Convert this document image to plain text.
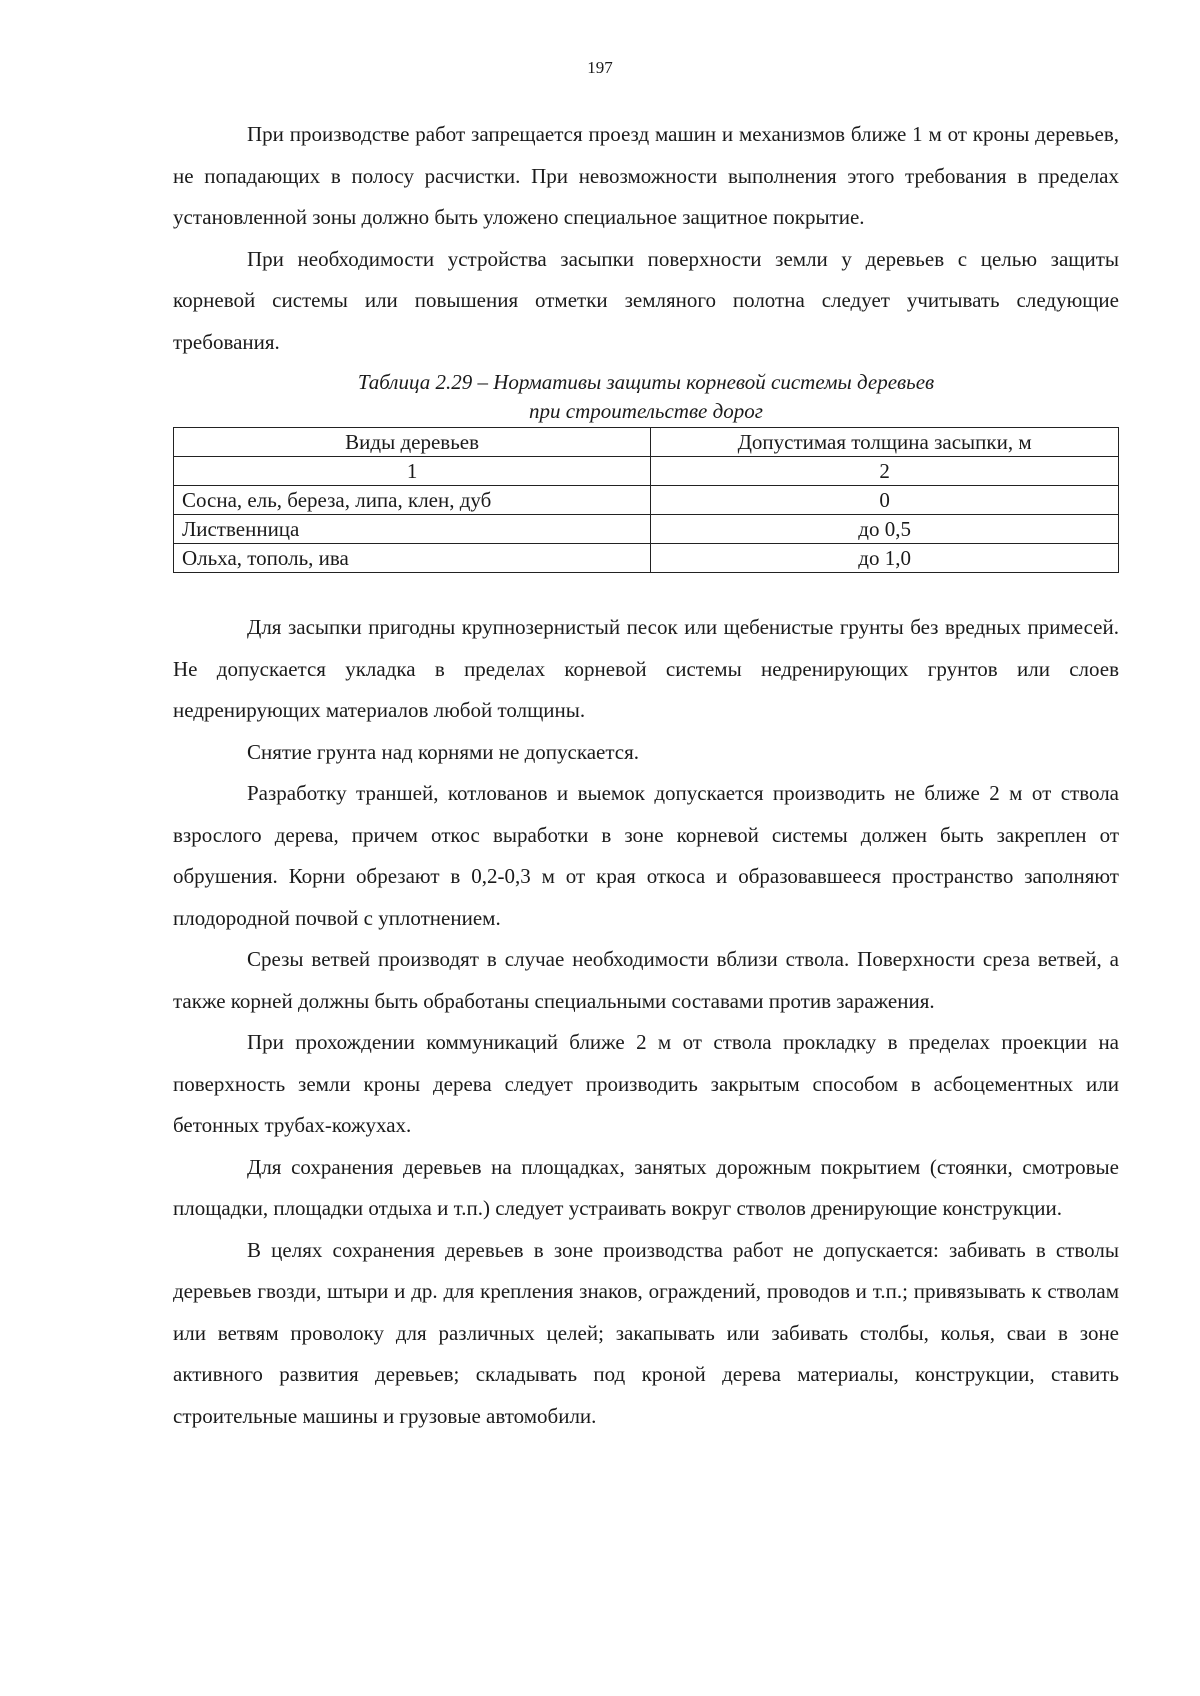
197

При производстве работ запрещается проезд машин и механизмов ближе 1 м от кроны деревьев, не попадающих в полосу расчистки. При невозможности выполнения этого требования в пределах установленной зоны должно быть уложено специальное защитное покрытие.

При необходимости устройства засыпки поверхности земли у деревьев с целью защиты корневой системы или повышения отметки земляного полотна следует учитывать следующие требования.

Таблица 2.29 – Нормативы защиты корневой системы деревьев
при строительстве дорог
Виды деревьев	Допустимая толщина засыпки, м
1	2
Сосна, ель, береза, липа, клен, дуб	0
Лиственница	до 0,5
Ольха, тополь, ива	до 1,0

Для засыпки пригодны крупнозернистый песок или щебенистые грунты без вредных примесей. Не допускается укладка в пределах корневой системы недренирующих грунтов или слоев недренирующих материалов любой толщины.

Снятие грунта над корнями не допускается.

Разработку траншей, котлованов и выемок допускается производить не ближе 2 м от ствола взрослого дерева, причем откос выработки в зоне корневой системы должен быть закреплен от обрушения. Корни обрезают в 0,2-0,3 м от края откоса и образовавшееся пространство заполняют плодородной почвой с уплотнением.

Срезы ветвей производят в случае необходимости вблизи ствола. Поверхности среза ветвей, а также корней должны быть обработаны специальными составами против заражения.

При прохождении коммуникаций ближе 2 м от ствола прокладку в пределах проекции на поверхность земли кроны дерева следует производить закрытым способом в асбоцементных или бетонных трубах-кожухах.

Для сохранения деревьев на площадках, занятых дорожным покрытием (стоянки, смотровые площадки, площадки отдыха и т.п.) следует устраивать вокруг стволов дренирующие конструкции.

В целях сохранения деревьев в зоне производства работ не допускается: забивать в стволы деревьев гвозди, штыри и др. для крепления знаков, ограждений, проводов и т.п.; привязывать к стволам или ветвям проволоку для различных целей; закапывать или забивать столбы, колья, сваи в зоне активного развития деревьев; складывать под кроной дерева материалы, конструкции, ставить строительные машины и грузовые автомобили.
